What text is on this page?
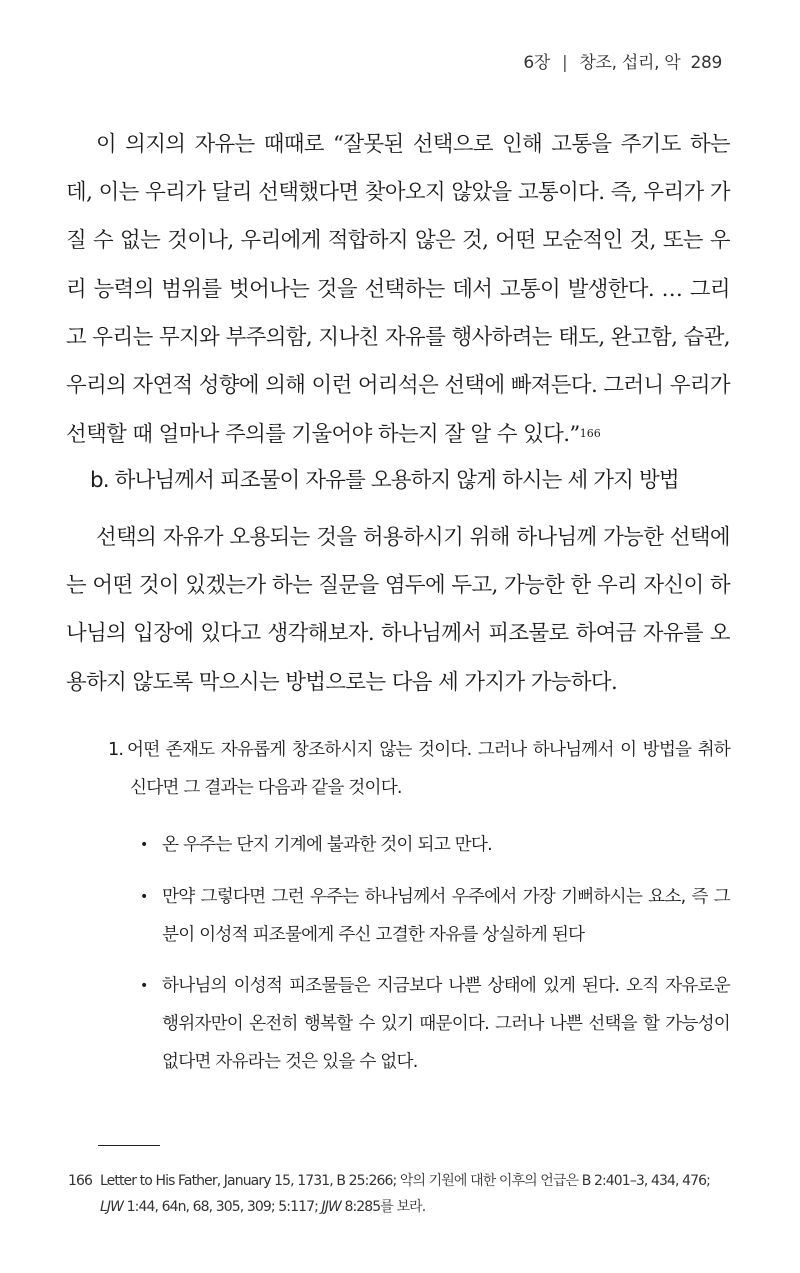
6장 | 창조, 섭리, 악 289

이 의지의 자유는 때때로 “잘못된 선택으로 인해 고통을 주기도 하는데, 이는 우리가 달리 선택했다면 찾아오지 않았을 고통이다. 즉, 우리가 가질 수 없는 것이나, 우리에게 적합하지 않은 것, 어떤 모순적인 것, 또는 우리 능력의 범위를 벗어나는 것을 선택하는 데서 고통이 발생한다. … 그리고 우리는 무지와 부주의함, 지나친 자유를 행사하려는 태도, 완고함, 습관, 우리의 자연적 성향에 의해 이런 어리석은 선택에 빠져든다. 그러니 우리가 선택할 때 얼마나 주의를 기울어야 하는지 잘 알 수 있다.”$^{166}$

b. 하나님께서 피조물이 자유를 오용하지 않게 하시는 세 가지 방법

선택의 자유가 오용되는 것을 허용하시기 위해 하나님께 가능한 선택에는 어떤 것이 있겠는가 하는 질문을 염두에 두고, 가능한 한 우리 자신이 하나님의 입장에 있다고 생각해보자. 하나님께서 피조물로 하여금 자유를 오용하지 않도록 막으시는 방법으로는 다음 세 가지가 가능하다.

1. 어떤 존재도 자유롭게 창조하시지 않는 것이다. 그러나 하나님께서 이 방법을 취하신다면 그 결과는 다음과 같을 것이다.

• 온 우주는 단지 기계에 불과한 것이 되고 만다.

• 만약 그렇다면 그런 우주는 하나님께서 우주에서 가장 기뻐하시는 요소, 즉 그분이 이성적 피조물에게 주신 고결한 자유를 상실하게 된다

• 하나님의 이성적 피조물들은 지금보다 나쁜 상태에 있게 된다. 오직 자유로운 행위자만이 온전히 행복할 수 있기 때문이다. 그러나 나쁜 선택을 할 가능성이 없다면 자유라는 것은 있을 수 없다.

166 Letter to His Father, January 15, 1731, B 25:266; 악의 기원에 대한 이후의 언급은 B 2:401–3, 434, 476; LJW 1:44, 64n, 68, 305, 309; 5:117; JJW 8:285를 보라.
